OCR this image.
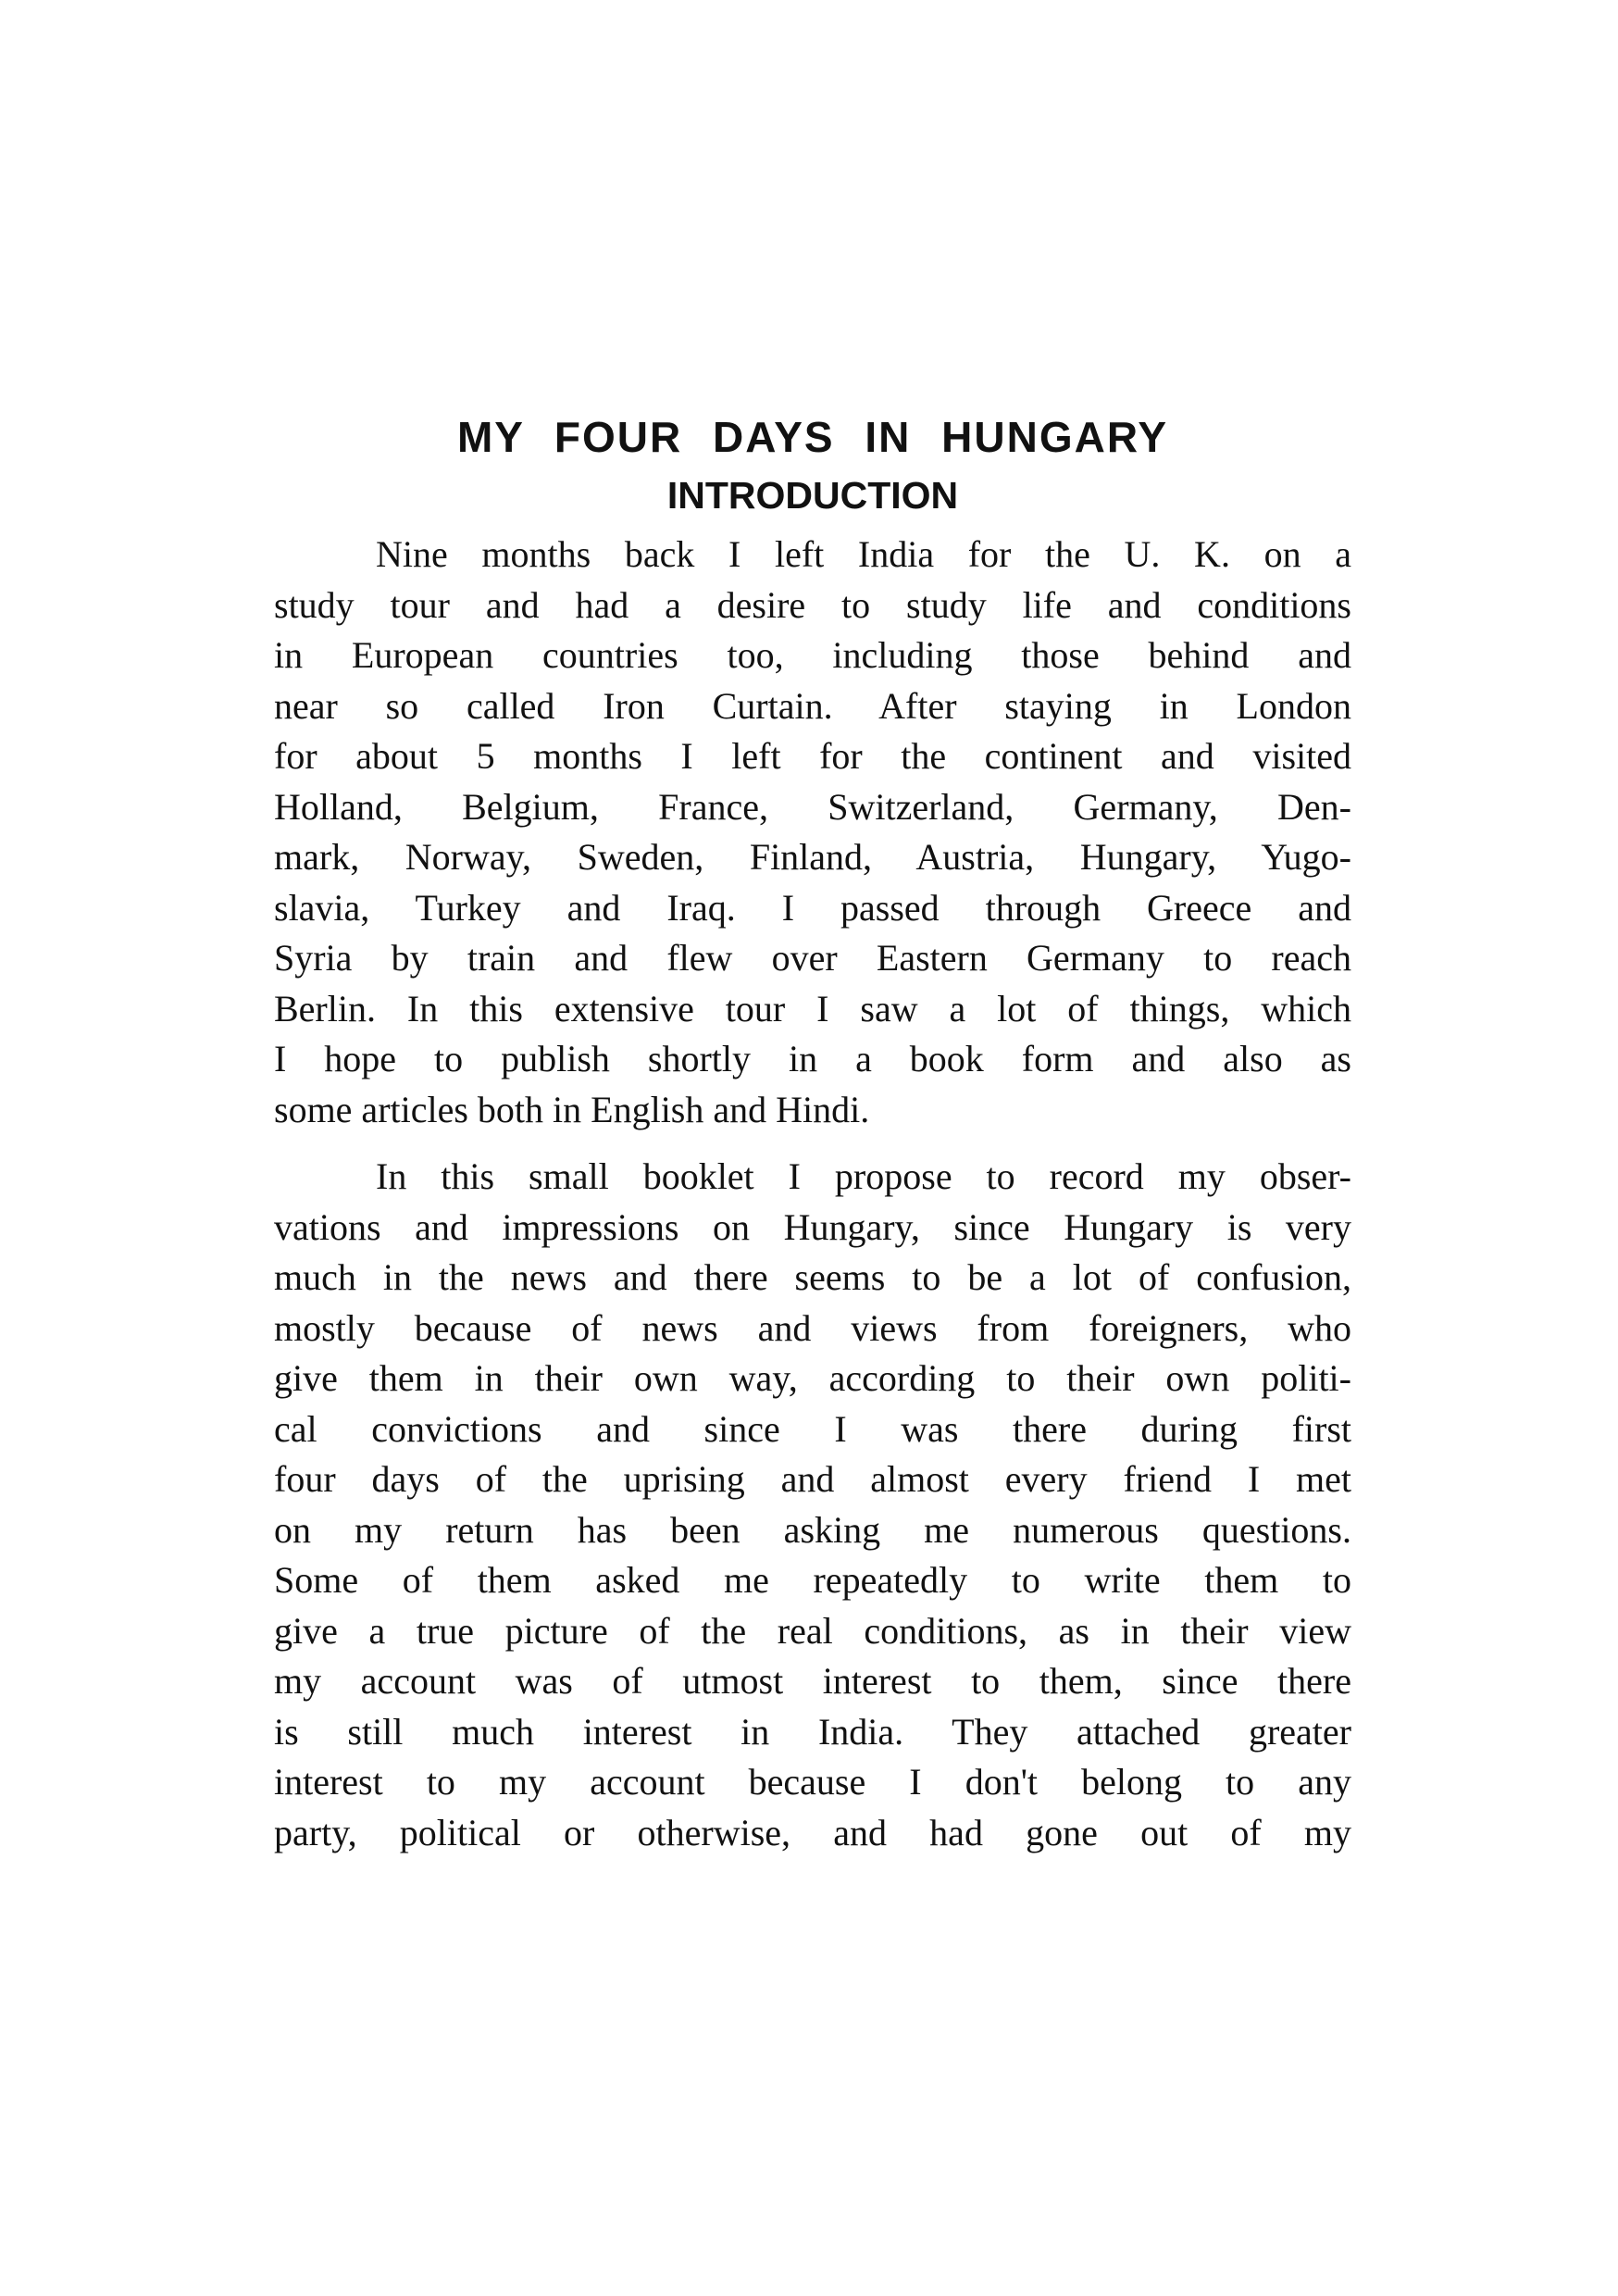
MY FOUR DAYS IN HUNGARY
INTRODUCTION
Nine months back I left India for the U. K. on a
study tour and had a desire to study life and conditions
in European countries too, including those behind and
near so called Iron Curtain. After staying in London
for about 5 months I left for the continent and visited
Holland, Belgium, France, Switzerland, Germany, Den-
mark, Norway, Sweden, Finland, Austria, Hungary, Yugo-
slavia, Turkey and Iraq. I passed through Greece and
Syria by train and flew over Eastern Germany to reach
Berlin. In this extensive tour I saw a lot of things, which
I hope to publish shortly in a book form and also as
some articles both in English and Hindi.
In this small booklet I propose to record my obser-
vations and impressions on Hungary, since Hungary is very
much in the news and there seems to be a lot of confusion,
mostly because of news and views from foreigners, who
give them in their own way, according to their own politi-
cal convictions and since I was there during first
four days of the uprising and almost every friend I met
on my return has been asking me numerous questions.
Some of them asked me repeatedly to write them to
give a true picture of the real conditions, as in their view
my account was of utmost interest to them, since there
is still much interest in India. They attached greater
interest to my account because I don't belong to any
party, political or otherwise, and had gone out of my
